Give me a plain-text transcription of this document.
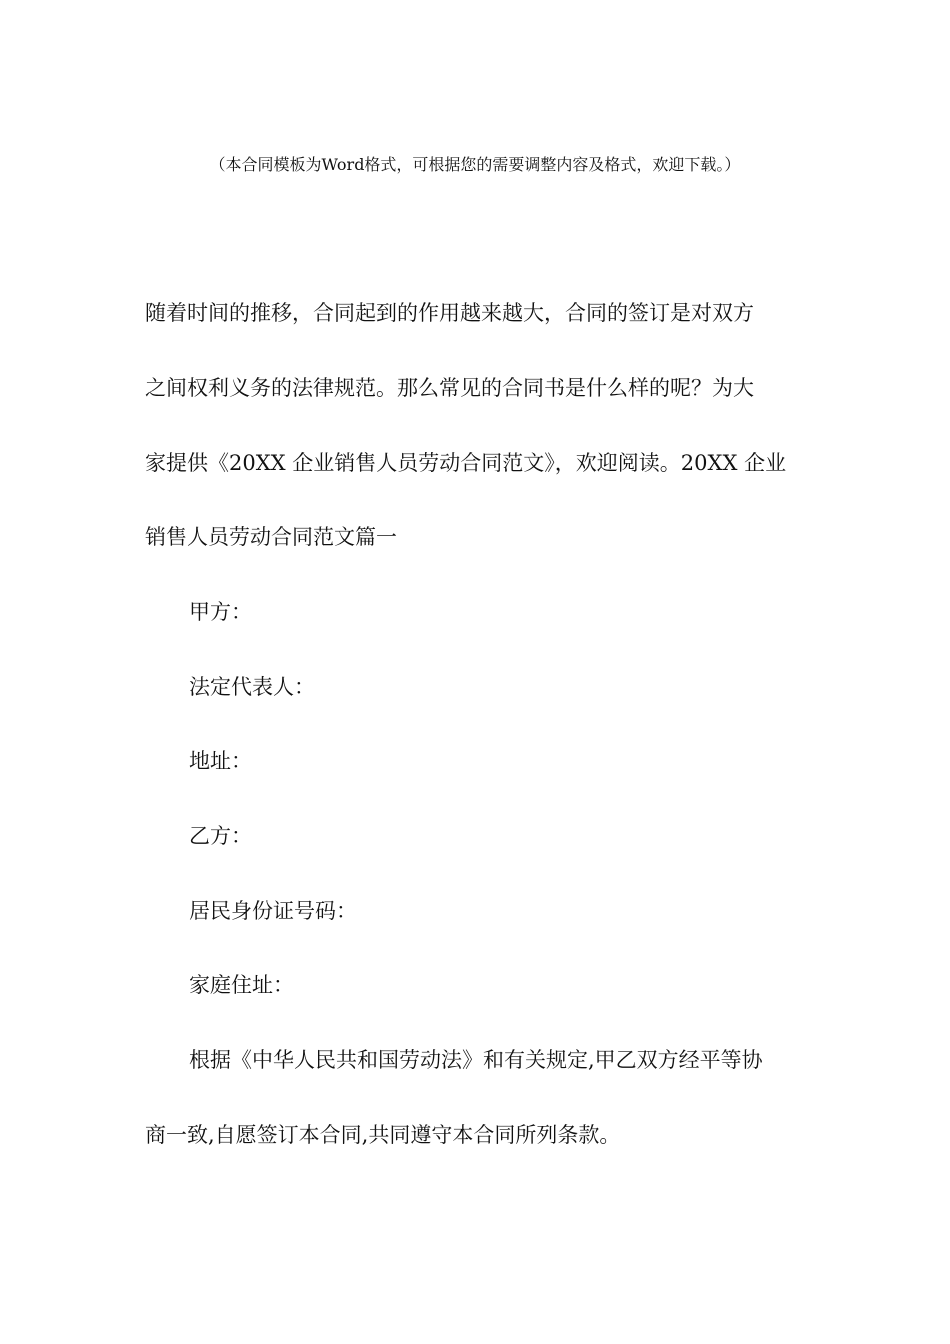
（本合同模板为Word格式，可根据您的需要调整内容及格式，欢迎下载。）
随着时间的推移，合同起到的作用越来越大，合同的签订是对双方
之间权利义务的法律规范。那么常见的合同书是什么样的呢？为大
家提供《20XX 企业销售人员劳动合同范文》，欢迎阅读。20XX 企业
销售人员劳动合同范文篇一
甲方：
法定代表人：
地址：
乙方：
居民身份证号码：
家庭住址：
根据《中华人民共和国劳动法》和有关规定,甲乙双方经平等协
商一致,自愿签订本合同,共同遵守本合同所列条款。
